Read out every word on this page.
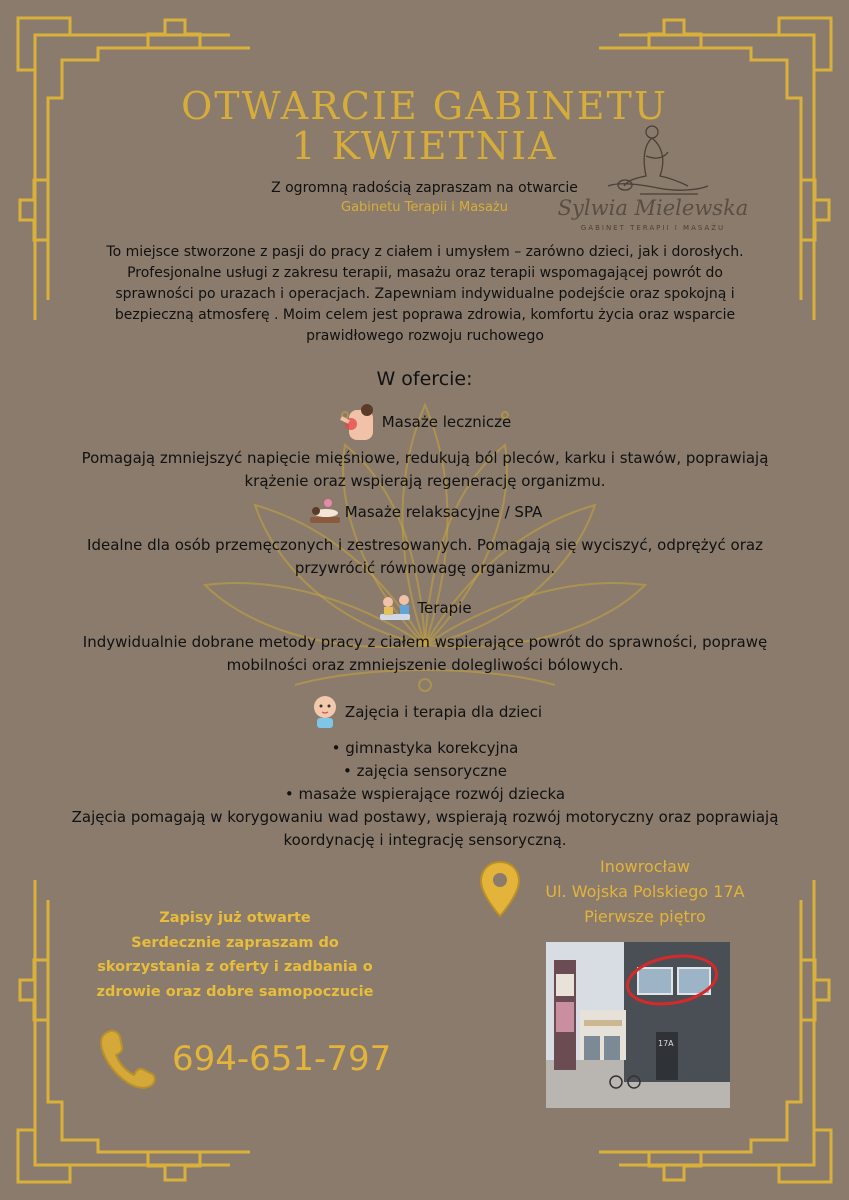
OTWARCIE GABINETU
1 KWIETNIA
Sylwia Mielewska
GABINET TERAPII I MASAŻU
Z ogromną radością zapraszam na otwarcie
Gabinetu Terapii i Masażu
To miejsce stworzone z pasji do pracy z ciałem i umysłem – zarówno dzieci, jak i dorosłych. Profesjonalne usługi z zakresu terapii, masażu oraz terapii wspomagającej powrót do sprawności po urazach i operacjach. Zapewniam indywidualne podejście oraz spokojną i bezpieczną atmosferę . Moim celem jest poprawa zdrowia, komfortu życia oraz wsparcie prawidłowego rozwoju ruchowego
W ofercie:
Masaże lecznicze
Pomagają zmniejszyć napięcie mięśniowe, redukują ból pleców, karku i stawów, poprawiają krążenie oraz wspierają regenerację organizmu.
Masaże relaksacyjne / SPA
Idealne dla osób przemęczonych i zestresowanych. Pomagają się wyciszyć, odprężyć oraz przywrócić równowagę organizmu.
Terapie
Indywidualnie dobrane metody pracy z ciałem wspierające powrót do sprawności, poprawę mobilności oraz zmniejszenie dolegliwości bólowych.
Zajęcia i terapia dla dzieci
• gimnastyka korekcyjna
• zajęcia sensoryczne
• masaże wspierające rozwój dziecka
Zajęcia pomagają w korygowaniu wad postawy, wspierają rozwój motoryczny oraz poprawiają koordynację i integrację sensoryczną.
Zapisy już otwarte
Serdecznie zapraszam do skorzystania z oferty i zadbania o zdrowie oraz dobre samopoczucie
694-651-797
Inowrocław
Ul. Wojska Polskiego 17A
Pierwsze piętro
17A
